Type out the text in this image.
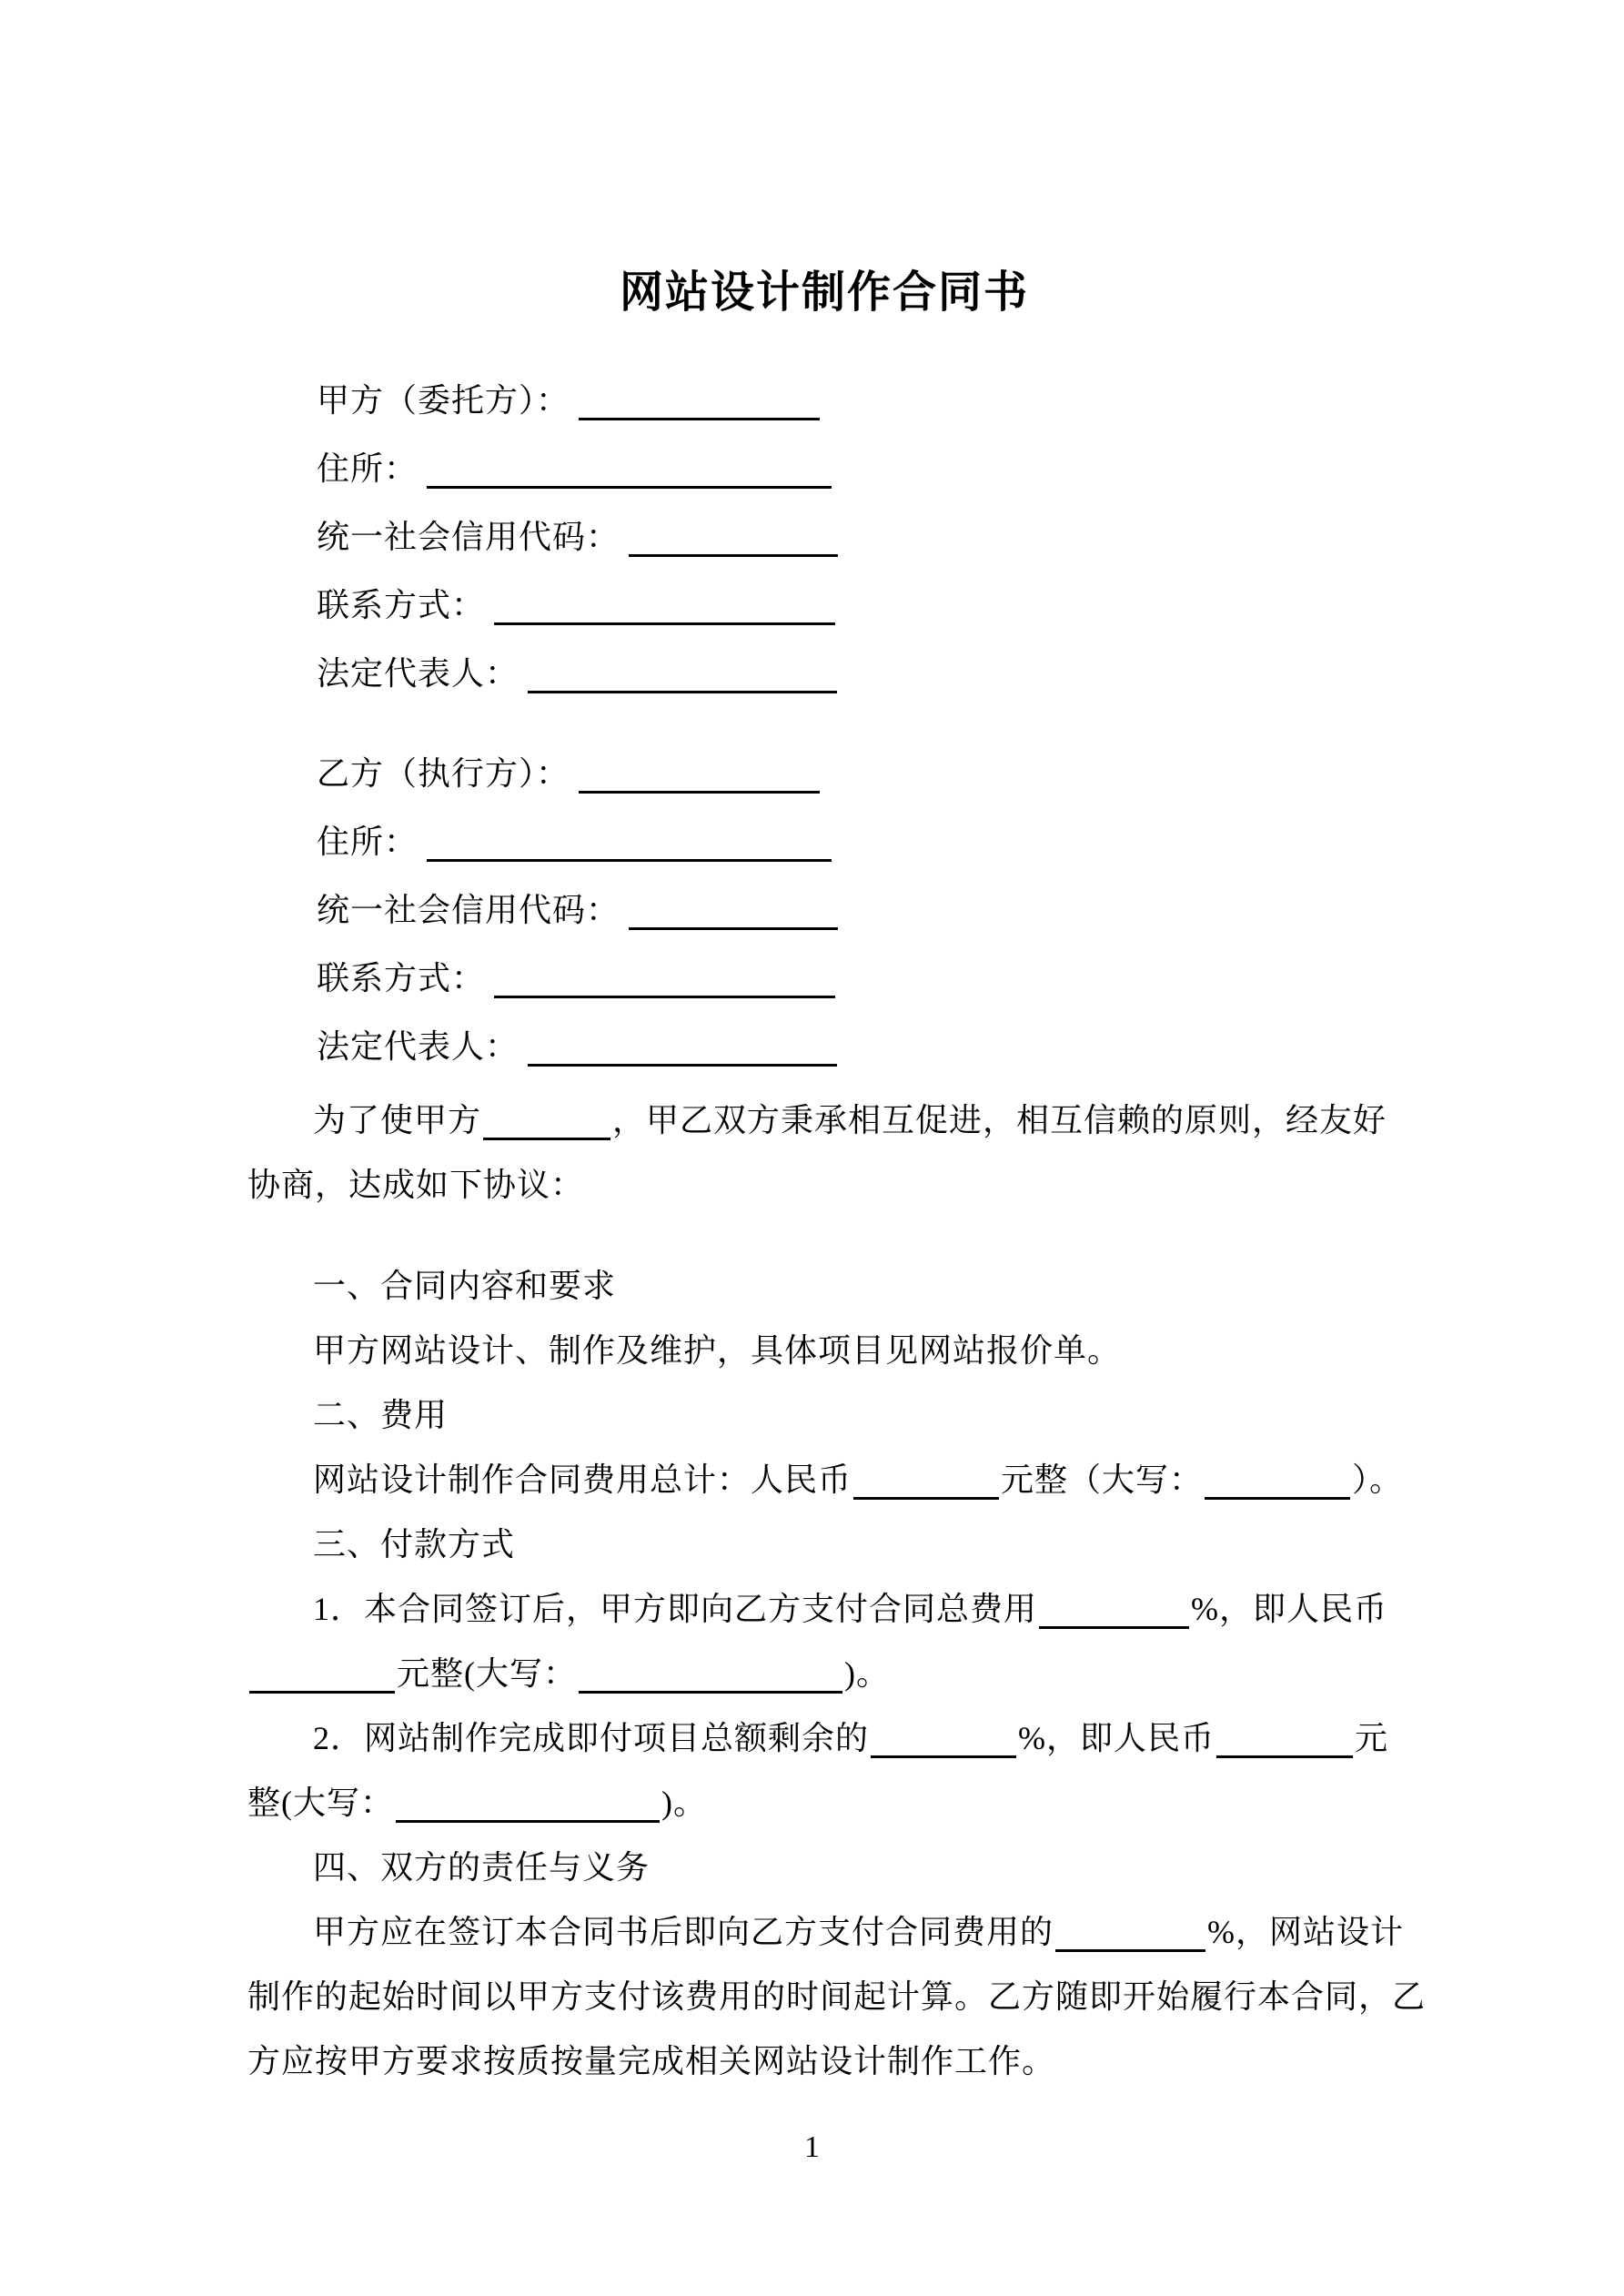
网站设计制作合同书
甲方（委托方）：
住所：
统一社会信用代码：
联系方式：
法定代表人：
乙方（执行方）：
住所：
统一社会信用代码：
联系方式：
法定代表人：
为了使甲方	，甲乙双方秉承相互促进，相互信赖的原则，经友好
协商，达成如下协议：
一、合同内容和要求
甲方网站设计、制作及维护，具体项目见网站报价单。
二、费用
网站设计制作合同费用总计：人民币	元整（大写：	）。
三、付款方式
1．本合同签订后，甲方即向乙方支付合同总费用	%，即人民币
元整(大写：	)。
2．网站制作完成即付项目总额剩余的	%，即人民币	元
整(大写：	)。
四、双方的责任与义务
甲方应在签订本合同书后即向乙方支付合同费用的	%，网站设计
制作的起始时间以甲方支付该费用的时间起计算。乙方随即开始履行本合同，乙
方应按甲方要求按质按量完成相关网站设计制作工作。
1
